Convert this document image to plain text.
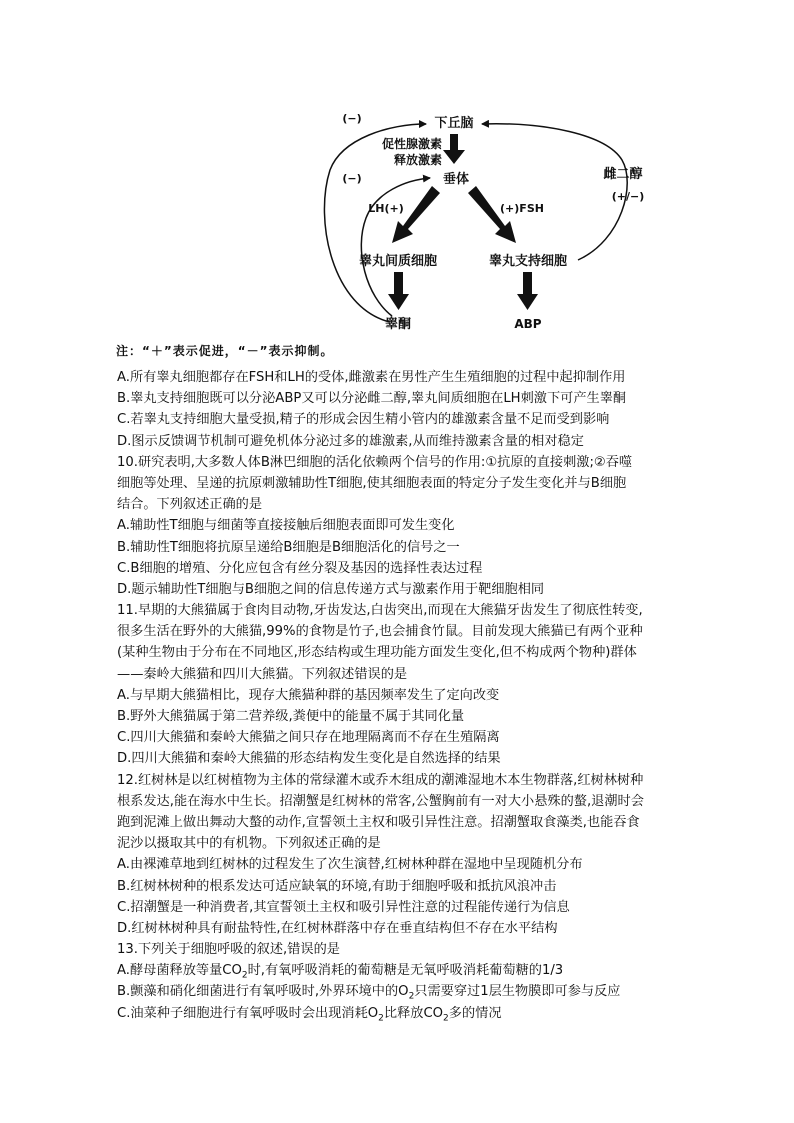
下丘脑
促性腺激素
释放激素
垂体
LH(+)	(+)FSH
睾丸间质细胞	睾丸支持细胞
睾酮	ABP
(−)
(−)	雌二醇
(+/−)
注：“＋”表示促进，“－”表示抑制。
A.所有睾丸细胞都存在FSH和LH的受体,雌激素在男性产生生殖细胞的过程中起抑制作用
B.睾丸支持细胞既可以分泌ABP又可以分泌雌二醇,睾丸间质细胞在LH刺激下可产生睾酮
C.若睾丸支持细胞大量受损,精子的形成会因生精小管内的雄激素含量不足而受到影响
D.图示反馈调节机制可避免机体分泌过多的雄激素,从而维持激素含量的相对稳定
10.研究表明,大多数人体B淋巴细胞的活化依赖两个信号的作用:①抗原的直接刺激;②吞噬
细胞等处理、呈递的抗原刺激辅助性T细胞,使其细胞表面的特定分子发生变化并与B细胞
结合。下列叙述正确的是
A.辅助性T细胞与细菌等直接接触后细胞表面即可发生变化
B.辅助性T细胞将抗原呈递给B细胞是B细胞活化的信号之一
C.B细胞的增殖、分化应包含有丝分裂及基因的选择性表达过程
D.题示辅助性T细胞与B细胞之间的信息传递方式与激素作用于靶细胞相同
11.早期的大熊猫属于食肉目动物,牙齿发达,白齿突出,而现在大熊猫牙齿发生了彻底性转变,
很多生活在野外的大熊猫,99%的食物是竹子,也会捕食竹鼠。目前发现大熊猫已有两个亚种
(某种生物由于分布在不同地区,形态结构或生理功能方面发生变化,但不构成两个物种)群体
——秦岭大熊猫和四川大熊猫。下列叙述错误的是
A.与早期大熊猫相比，现存大熊猫种群的基因频率发生了定向改变
B.野外大熊猫属于第二营养级,粪便中的能量不属于其同化量
C.四川大熊猫和秦岭大熊猫之间只存在地理隔离而不存在生殖隔离
D.四川大熊猫和秦岭大熊猫的形态结构发生变化是自然选择的结果
12.红树林是以红树植物为主体的常绿灌木或乔木组成的潮滩湿地木本生物群落,红树林树种
根系发达,能在海水中生长。招潮蟹是红树林的常客,公蟹胸前有一对大小悬殊的螯,退潮时会
跑到泥滩上做出舞动大螯的动作,宣誓领土主权和吸引异性注意。招潮蟹取食藻类,也能吞食
泥沙以摄取其中的有机物。下列叙述正确的是
A.由裸滩草地到红树林的过程发生了次生演替,红树林种群在湿地中呈现随机分布
B.红树林树种的根系发达可适应缺氧的环境,有助于细胞呼吸和抵抗风浪冲击
C.招潮蟹是一种消费者,其宣誓领土主权和吸引异性注意的过程能传递行为信息
D.红树林树种具有耐盐特性,在红树林群落中存在垂直结构但不存在水平结构
13.下列关于细胞呼吸的叙述,错误的是
A.酵母菌释放等量$CO_2$时,有氧呼吸消耗的葡萄糖是无氧呼吸消耗葡萄糖的1/3
B.颤藻和硝化细菌进行有氧呼吸时,外界环境中的$O_2$只需要穿过1层生物膜即可参与反应
C.油菜种子细胞进行有氧呼吸时会出现消耗$O_2$比释放$CO_2$多的情况
